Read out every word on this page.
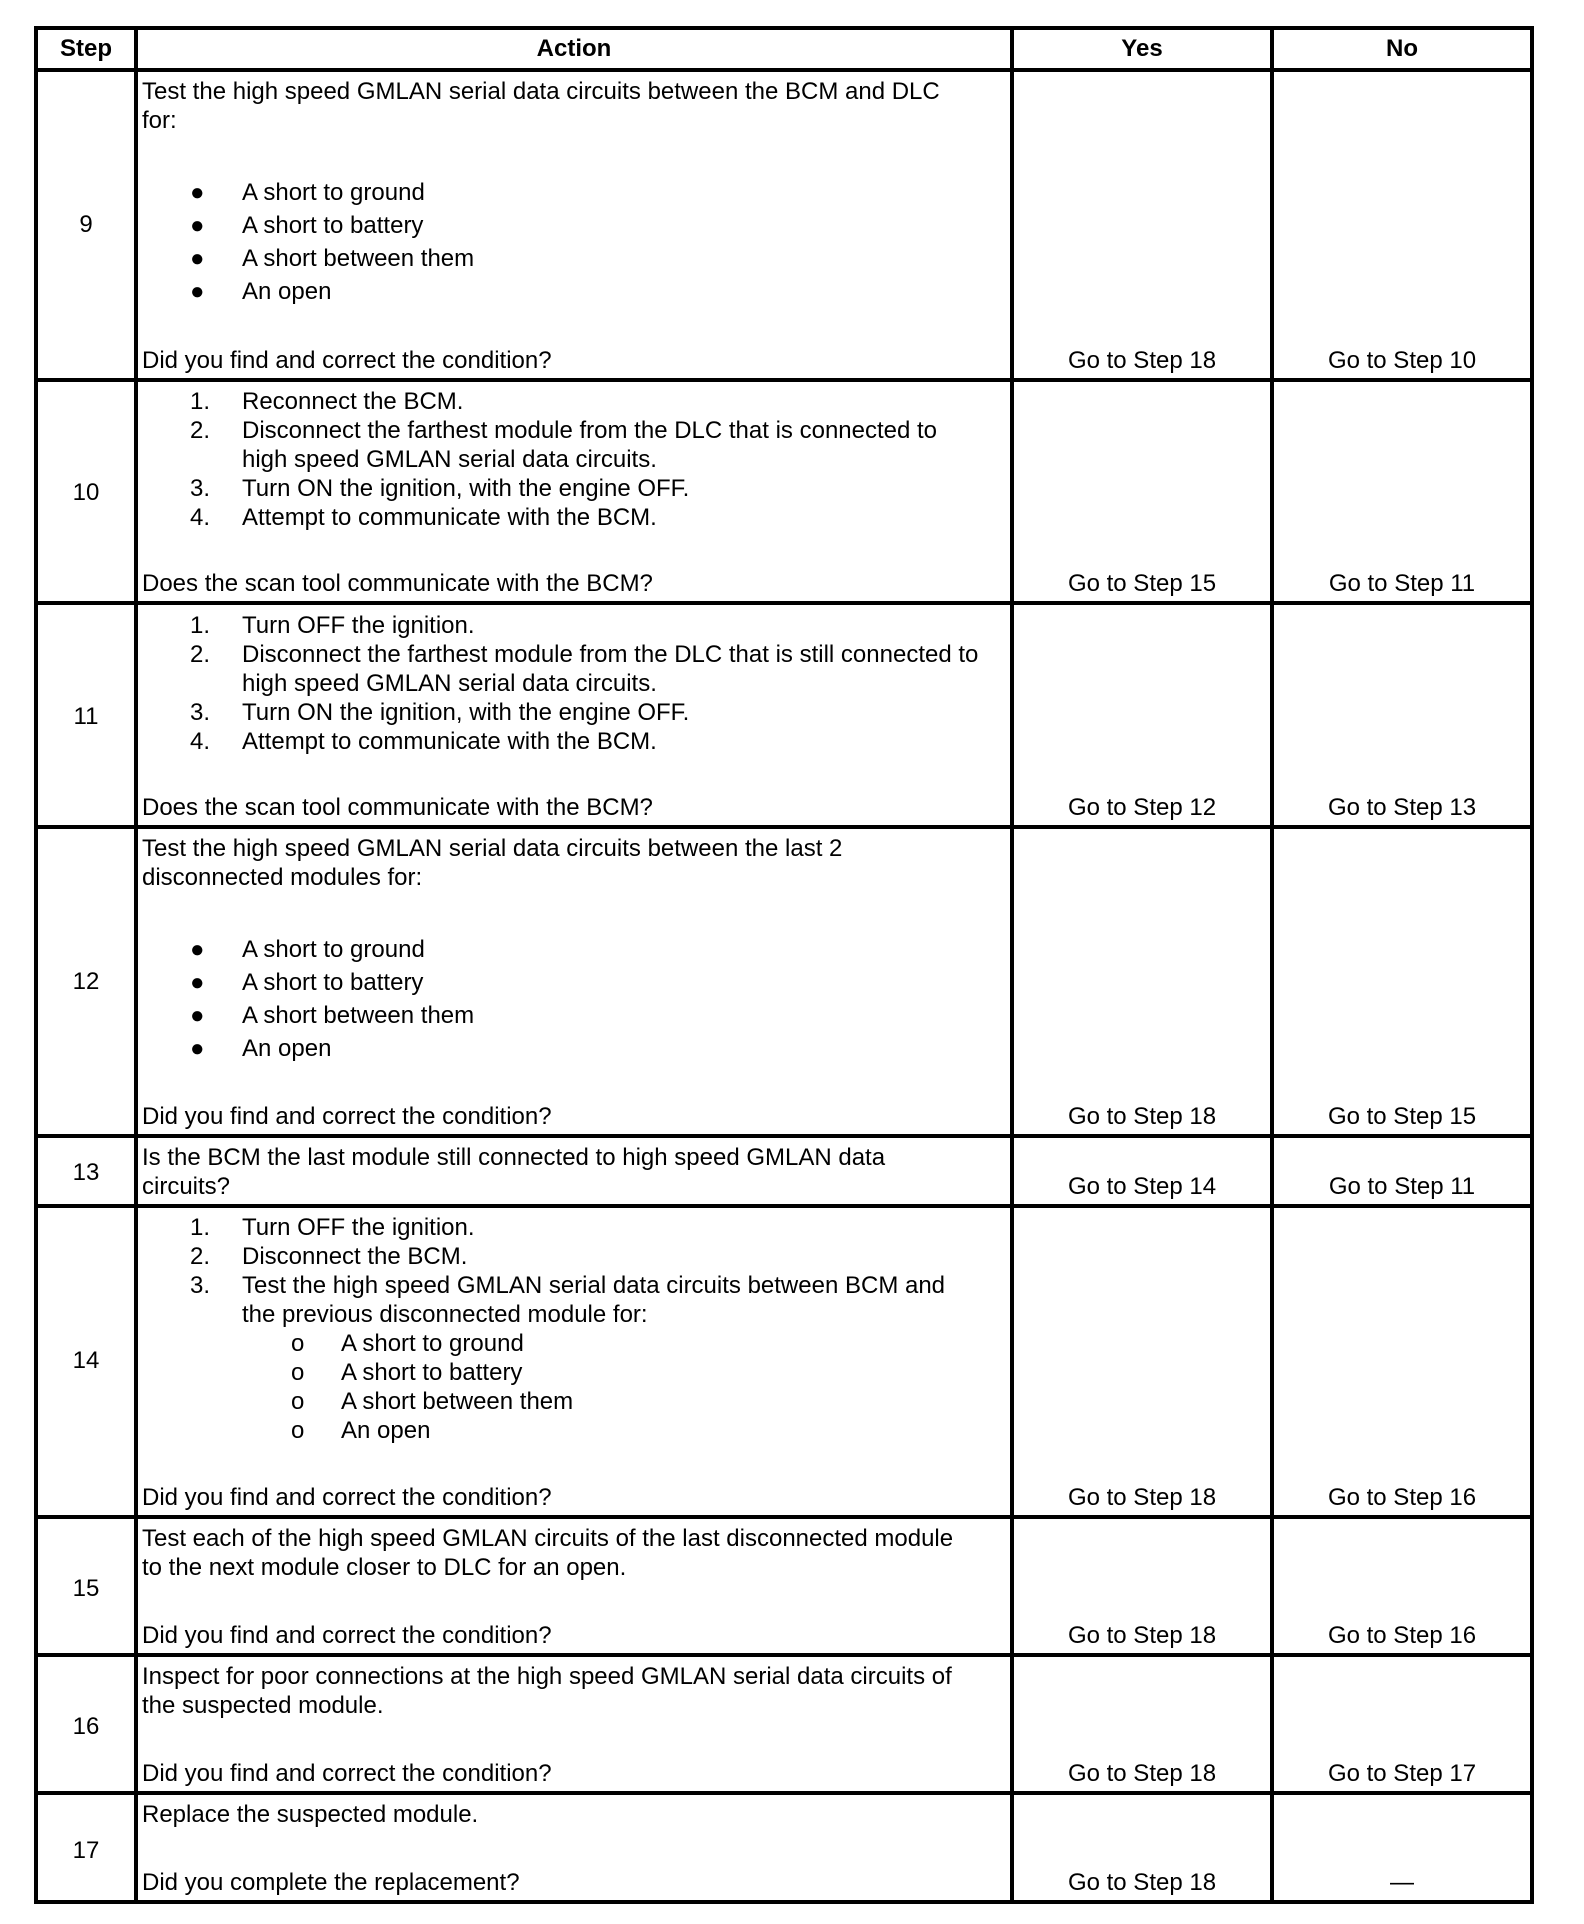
Step	Action	Yes	No
9
Test the high speed GMLAN serial data circuits between the BCM and DLC
for:
● A short to ground
● A short to battery
● A short between them
● An open
Did you find and correct the condition?	Go to Step 18	Go to Step 10
10
1. Reconnect the BCM.
2. Disconnect the farthest module from the DLC that is connected to
high speed GMLAN serial data circuits.
3. Turn ON the ignition, with the engine OFF.
4. Attempt to communicate with the BCM.
Does the scan tool communicate with the BCM?	Go to Step 15	Go to Step 11
11
1. Turn OFF the ignition.
2. Disconnect the farthest module from the DLC that is still connected to
high speed GMLAN serial data circuits.
3. Turn ON the ignition, with the engine OFF.
4. Attempt to communicate with the BCM.
Does the scan tool communicate with the BCM?	Go to Step 12	Go to Step 13
12
Test the high speed GMLAN serial data circuits between the last 2
disconnected modules for:
● A short to ground
● A short to battery
● A short between them
● An open
Did you find and correct the condition?	Go to Step 18	Go to Step 15
13
Is the BCM the last module still connected to high speed GMLAN data
circuits?	Go to Step 14	Go to Step 11
14
1. Turn OFF the ignition.
2. Disconnect the BCM.
3. Test the high speed GMLAN serial data circuits between BCM and
the previous disconnected module for:
o A short to ground
o A short to battery
o A short between them
o An open
Did you find and correct the condition?	Go to Step 18	Go to Step 16
15
Test each of the high speed GMLAN circuits of the last disconnected module
to the next module closer to DLC for an open.
Did you find and correct the condition?	Go to Step 18	Go to Step 16
16
Inspect for poor connections at the high speed GMLAN serial data circuits of
the suspected module.
Did you find and correct the condition?	Go to Step 18	Go to Step 17
17
Replace the suspected module.
Did you complete the replacement?	Go to Step 18	—
